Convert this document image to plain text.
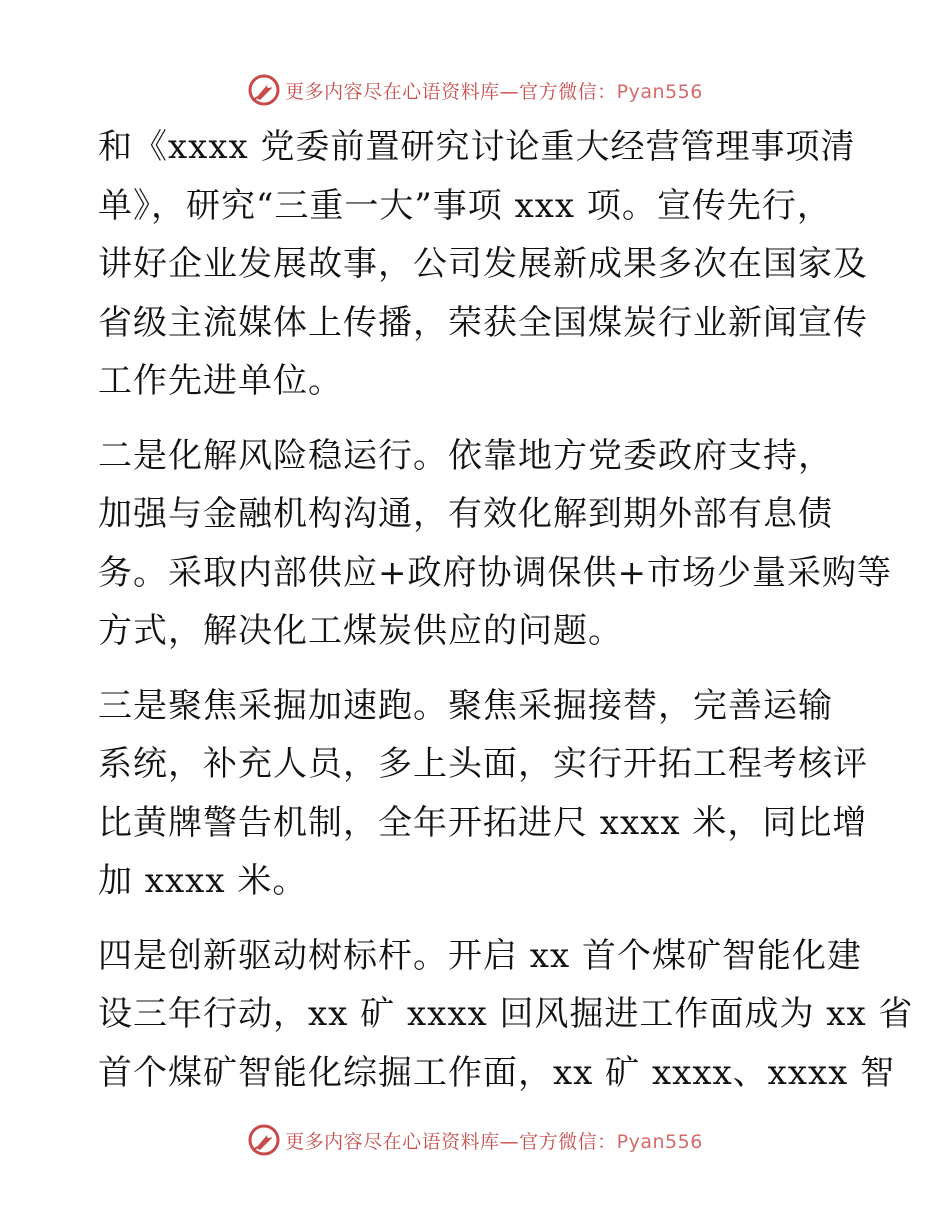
更多内容尽在心语资料库—官方微信：Pyan556
和《xxxx 党委前置研究讨论重大经营管理事项清
单》，研究“三重一大”事项 xxx 项。宣传先行，
讲好企业发展故事，公司发展新成果多次在国家及
省级主流媒体上传播，荣获全国煤炭行业新闻宣传
工作先进单位。
二是化解风险稳运行。依靠地方党委政府支持，
加强与金融机构沟通，有效化解到期外部有息债
务。采取内部供应+政府协调保供+市场少量采购等
方式，解决化工煤炭供应的问题。
三是聚焦采掘加速跑。聚焦采掘接替，完善运输
系统，补充人员，多上头面，实行开拓工程考核评
比黄牌警告机制，全年开拓进尺 xxxx 米，同比增
加 xxxx 米。
四是创新驱动树标杆。开启 xx 首个煤矿智能化建
设三年行动，xx 矿 xxxx 回风掘进工作面成为 xx 省
首个煤矿智能化综掘工作面，xx 矿 xxxx、xxxx 智
更多内容尽在心语资料库—官方微信：Pyan556
